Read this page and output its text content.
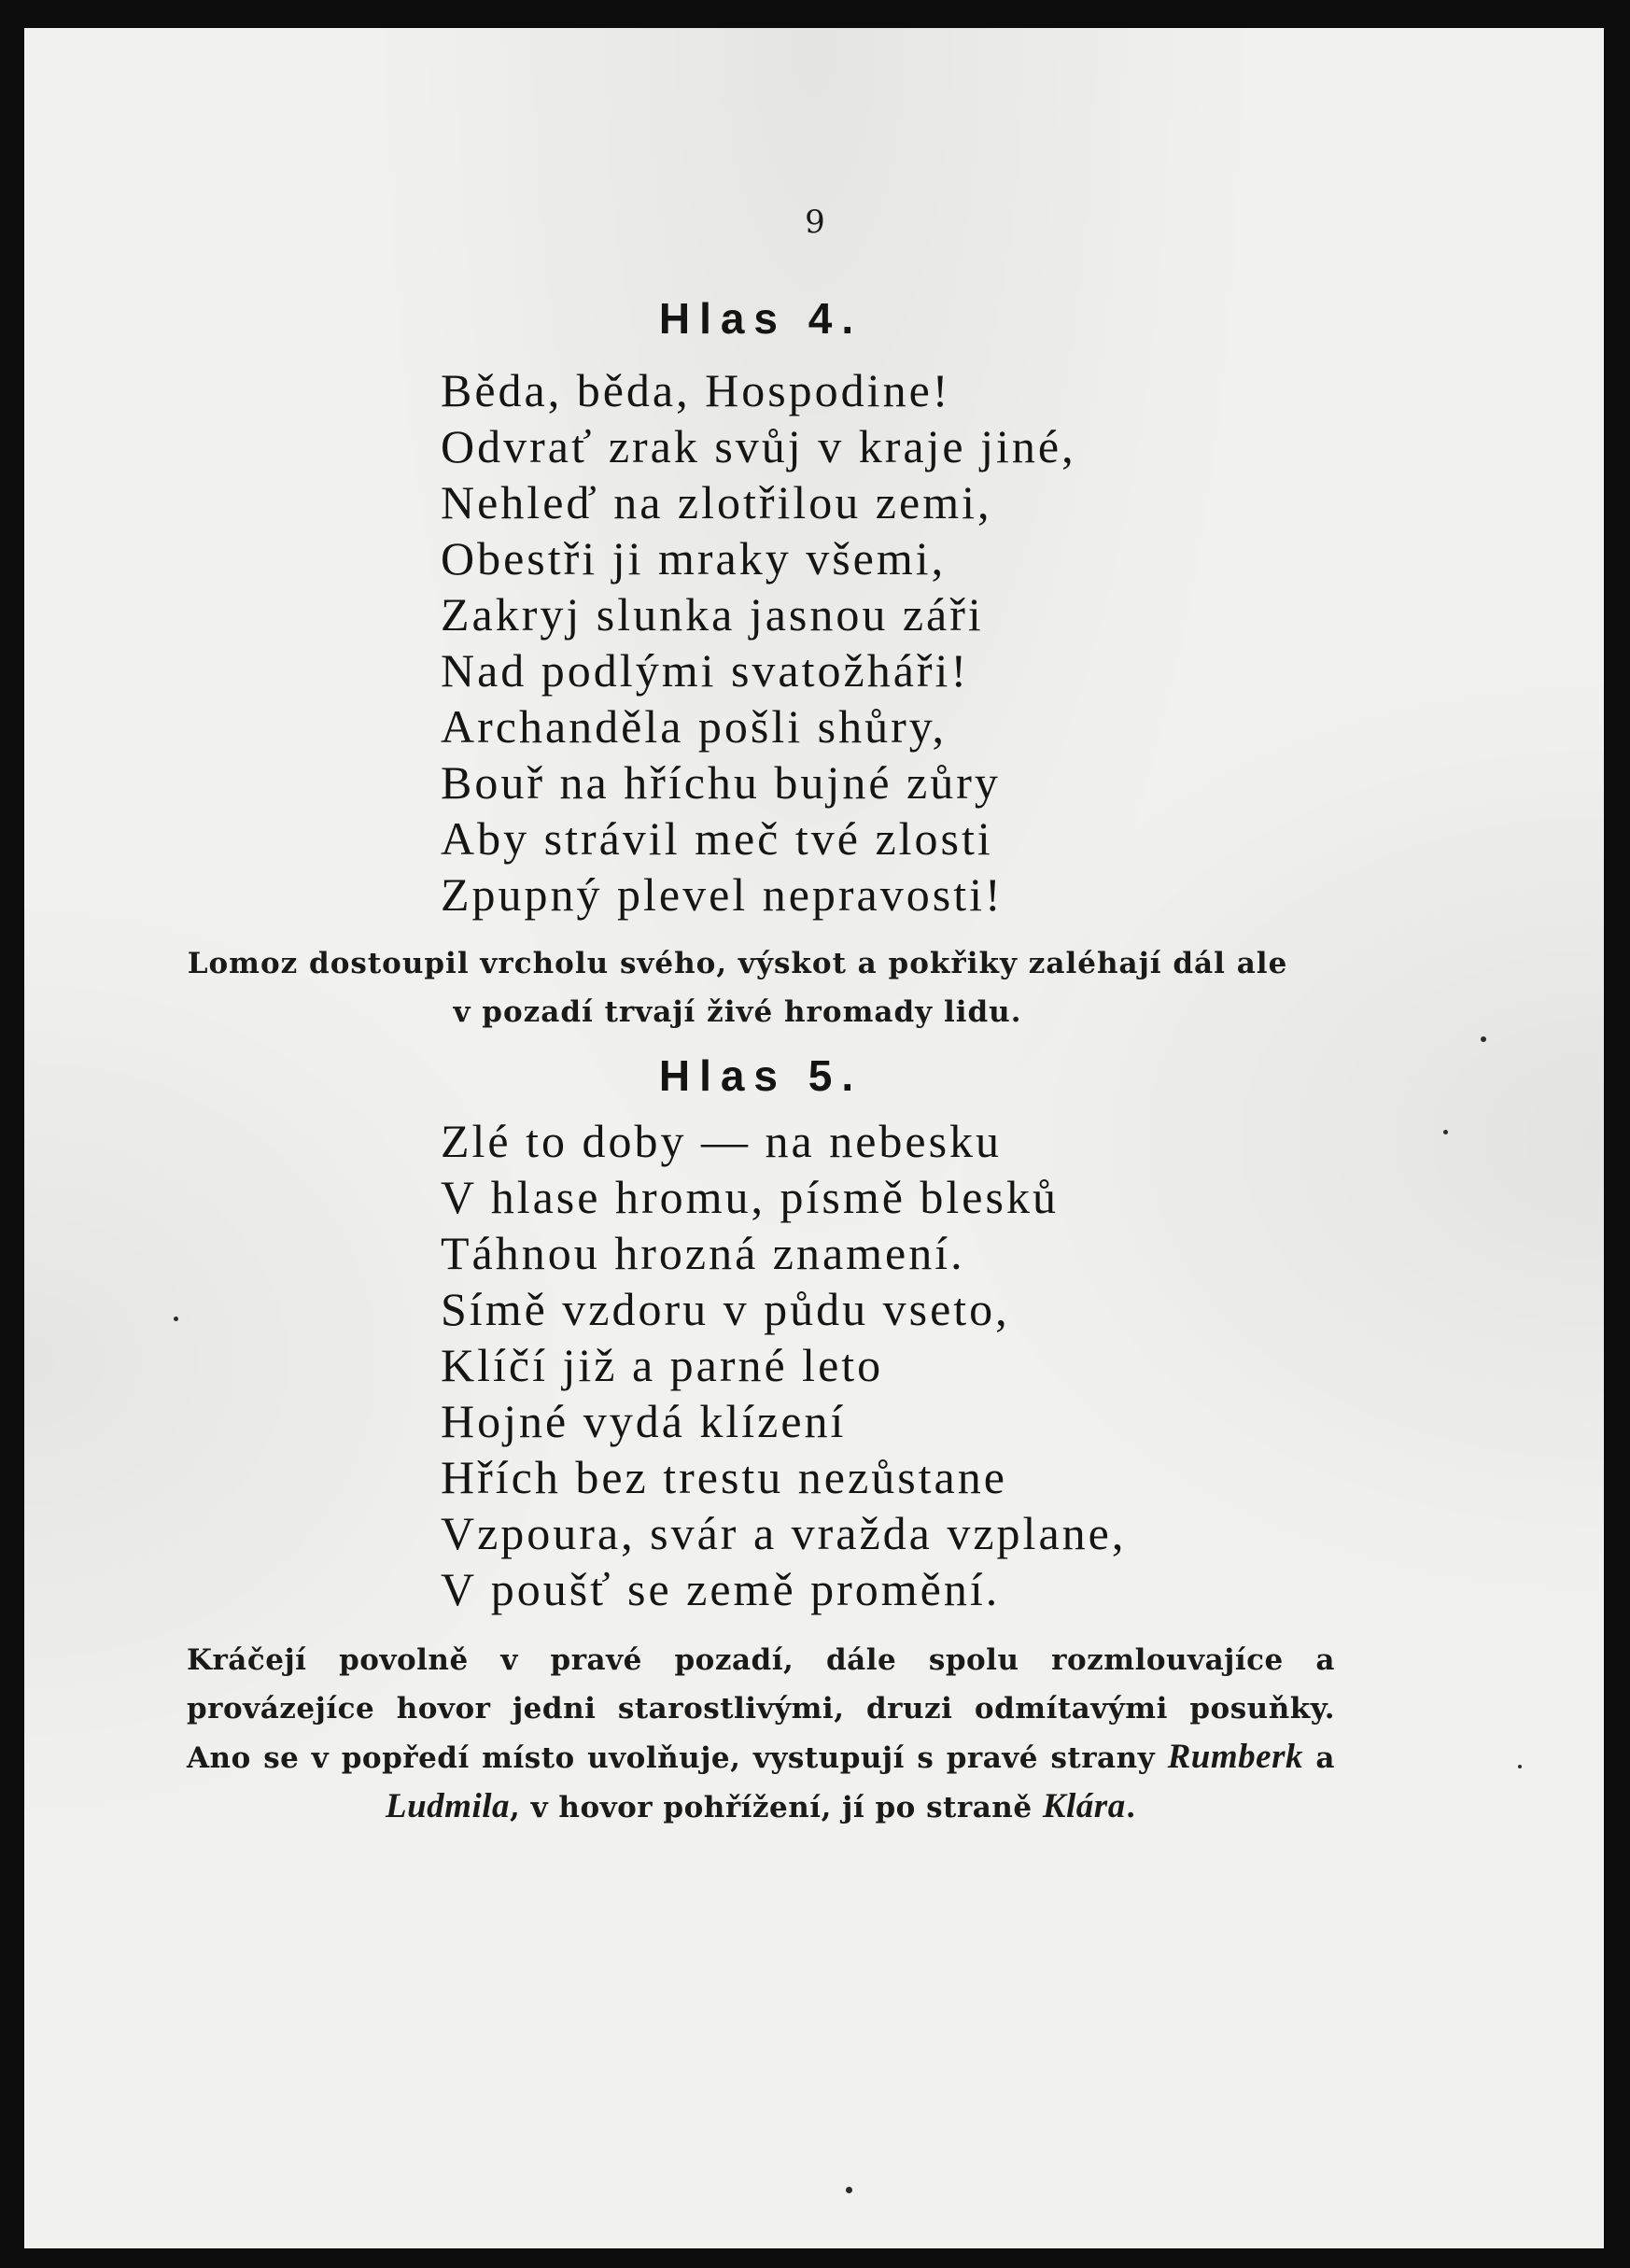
9
Hlas 4.
Běda, běda, Hospodine!
Odvrať zrak svůj v kraje jiné,
Nehleď na zlotřilou zemi,
Obestři ji mraky všemi,
Zakryj slunka jasnou záři
Nad podlými svatožháři!
Archanděla pošli shůry,
Bouř na hříchu bujné zůry
Aby strávil meč tvé zlosti
Zpupný plevel nepravosti!

Lomoz dostoupil vrcholu svého, výskot a pokřiky zaléhají dál ale v pozadí trvají živé hromady lidu.

Hlas 5.
Zlé to doby — na nebesku
V hlase hromu, písmě blesků
Táhnou hrozná znamení.
Símě vzdoru v půdu vseto,
Klíčí již a parné leto
Hojné vydá klízení
Hřích bez trestu nezůstane
Vzpoura, svár a vražda vzplane,
V poušť se země promění.

Kráčejí povolně v pravé pozadí, dále spolu rozmlouvajíce a provázejíce hovor jedni starostlivými, druzi odmítavými posuňky. Ano se v popředí místo uvolňuje, vystupují s pravé strany Rumberk a Ludmila, v hovor pohřížení, jí po straně Klára.
